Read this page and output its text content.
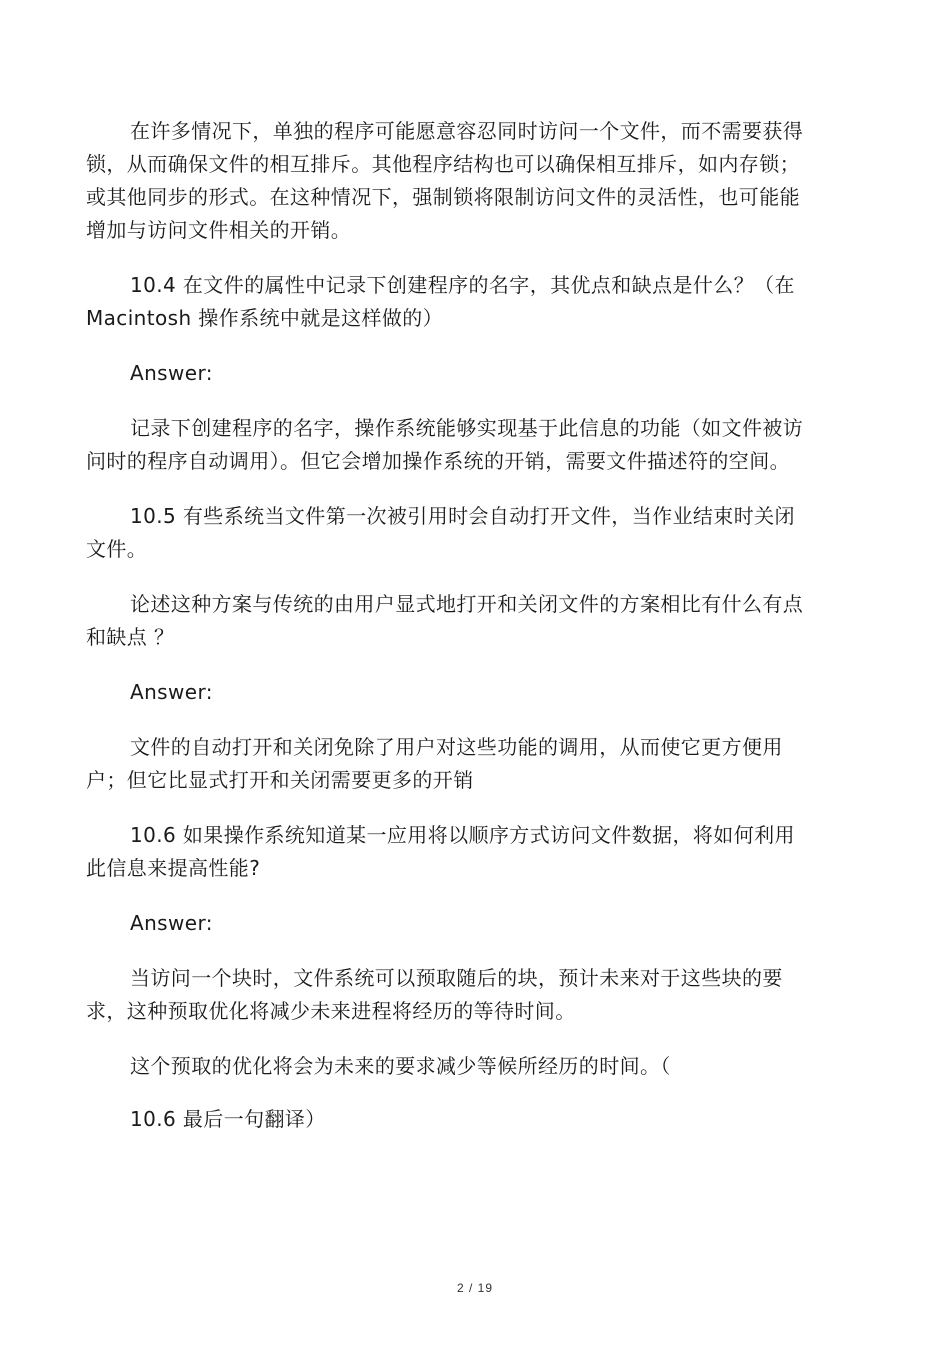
在许多情况下，单独的程序可能愿意容忍同时访问一个文件，而不需要获得锁，从而确保文件的相互排斥。其他程序结构也可以确保相互排斥，如内存锁；或其他同步的形式。在这种情况下，强制锁将限制访问文件的灵活性，也可能能增加与访问文件相关的开销。

10.4 在文件的属性中记录下创建程序的名字，其优点和缺点是什么？（在 Macintosh 操作系统中就是这样做的）

Answer:

记录下创建程序的名字，操作系统能够实现基于此信息的功能（如文件被访问时的程序自动调用）。但它会增加操作系统的开销，需要文件描述符的空间。

10.5 有些系统当文件第一次被引用时会自动打开文件，当作业结束时关闭文件。

论述这种方案与传统的由用户显式地打开和关闭文件的方案相比有什么有点和缺点 ？

Answer:

文件的自动打开和关闭免除了用户对这些功能的调用，从而使它更方便用户；但它比显式打开和关闭需要更多的开销

10.6 如果操作系统知道某一应用将以顺序方式访问文件数据，将如何利用此信息来提高性能?

Answer:

当访问一个块时，文件系统可以预取随后的块，预计未来对于这些块的要求，这种预取优化将减少未来进程将经历的等待时间。

这个预取的优化将会为未来的要求减少等候所经历的时间。（

10.6 最后一句翻译）

2 / 19
